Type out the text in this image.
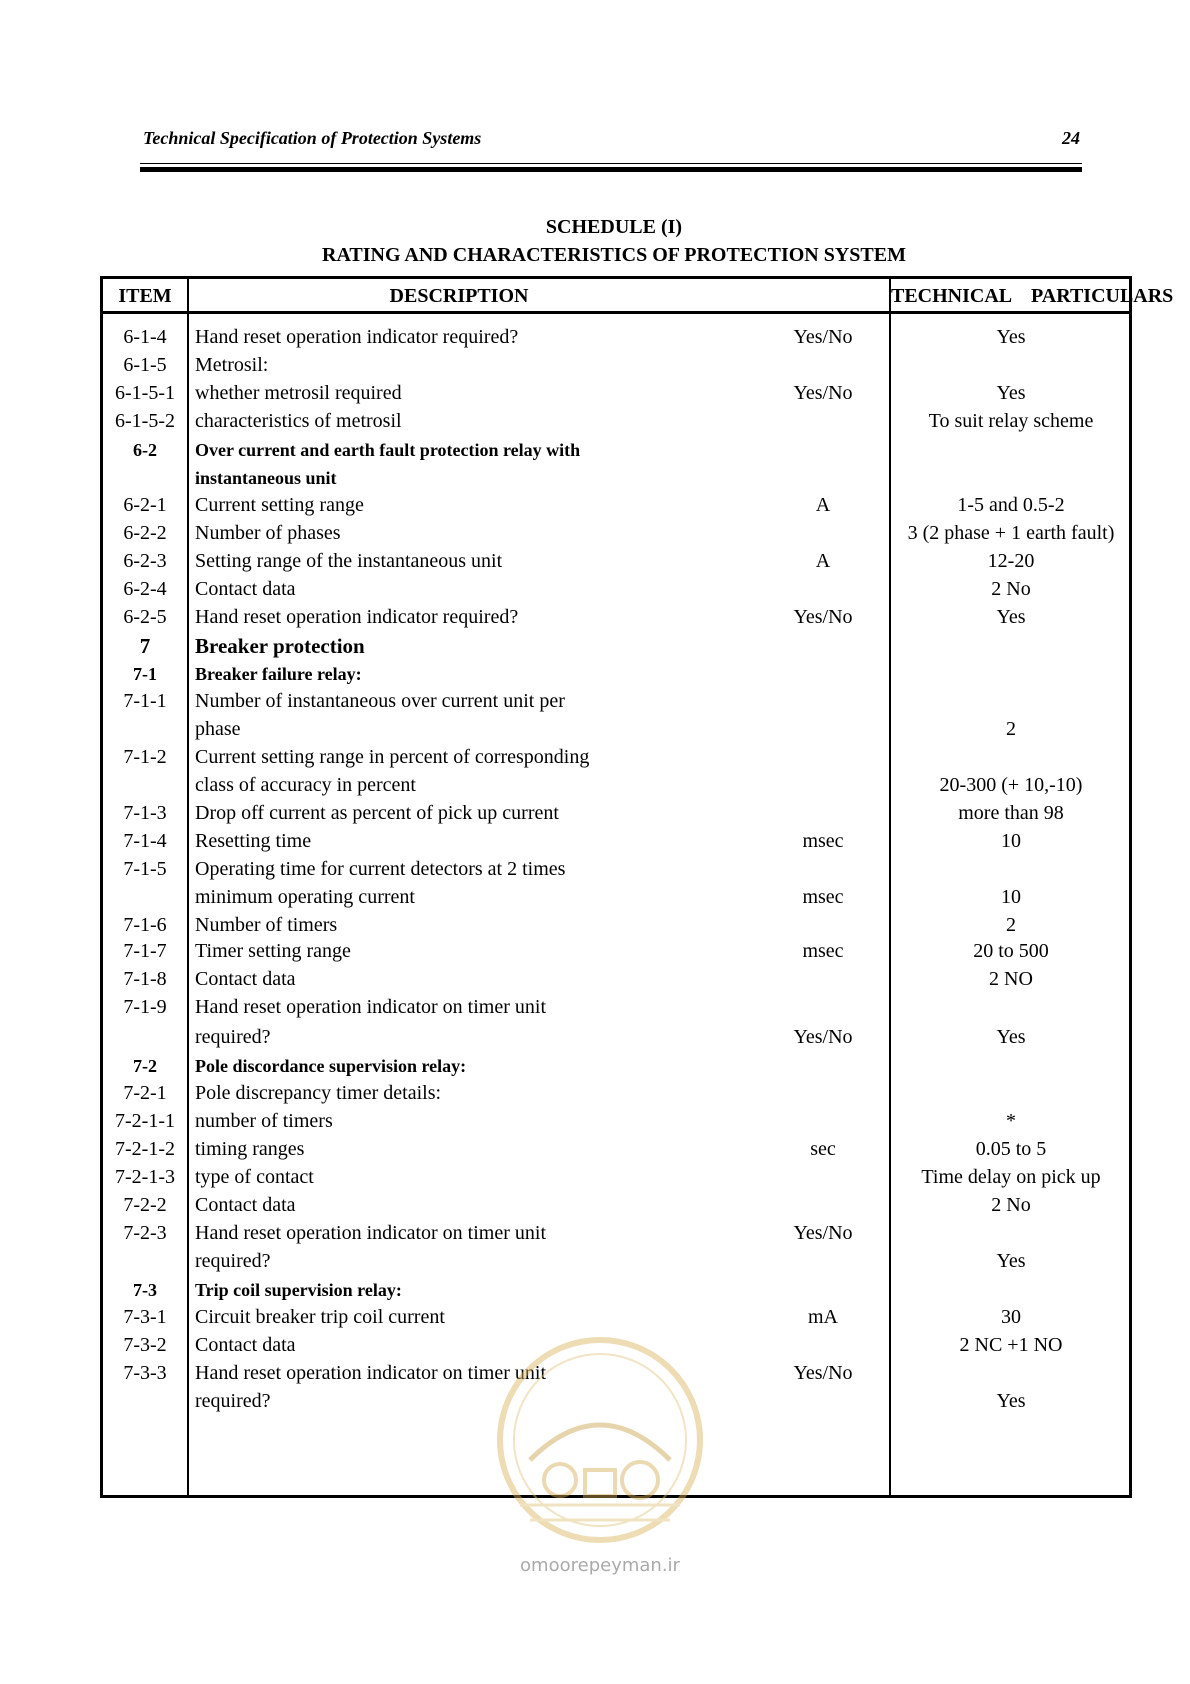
Technical Specification of Protection Systems	24
SCHEDULE (I)
RATING AND CHARACTERISTICS OF PROTECTION SYSTEM
ITEM	DESCRIPTION	TECHNICAL    PARTICULARS
6-1-4	Hand reset operation indicator required?	Yes/No	Yes
6-1-5	Metrosil:
6-1-5-1	whether metrosil required	Yes/No	Yes
6-1-5-2	characteristics of metrosil	To suit relay scheme
6-2	Over current and earth fault protection relay with
instantaneous unit
6-2-1	Current setting range	A	1-5 and 0.5-2
6-2-2	Number of phases	3 (2 phase + 1 earth fault)
6-2-3	Setting range of the instantaneous unit	A	12-20
6-2-4	Contact data	2 No
6-2-5	Hand reset operation indicator required?	Yes/No	Yes
7	Breaker protection
7-1	Breaker failure relay:
7-1-1	Number of instantaneous over current unit per
phase	2
7-1-2	Current setting range in percent of corresponding
class of accuracy in percent	20-300 (+ 10,-10)
7-1-3	Drop off current as percent of pick up current	more than 98
7-1-4	Resetting time	msec	10
7-1-5	Operating time for current detectors at 2 times
minimum operating current	msec	10
7-1-6	Number of timers	2
7-1-7	Timer setting range	msec	20 to 500
7-1-8	Contact data	2 NO
7-1-9	Hand reset operation indicator on timer unit
required?	Yes/No	Yes
7-2	Pole discordance supervision relay:
7-2-1	Pole discrepancy timer details:
7-2-1-1	number of timers	*
7-2-1-2	timing ranges	sec	0.05 to 5
7-2-1-3	type of contact	Time delay on pick up
7-2-2	Contact data	2 No
7-2-3	Hand reset operation indicator on timer unit	Yes/No
required?	Yes
7-3	Trip coil supervision relay:
7-3-1	Circuit breaker trip coil current	mA	30
7-3-2	Contact data	2 NC +1 NO
7-3-3	Hand reset operation indicator on timer unit	Yes/No
required?	Yes
omoorepeyman.ir
